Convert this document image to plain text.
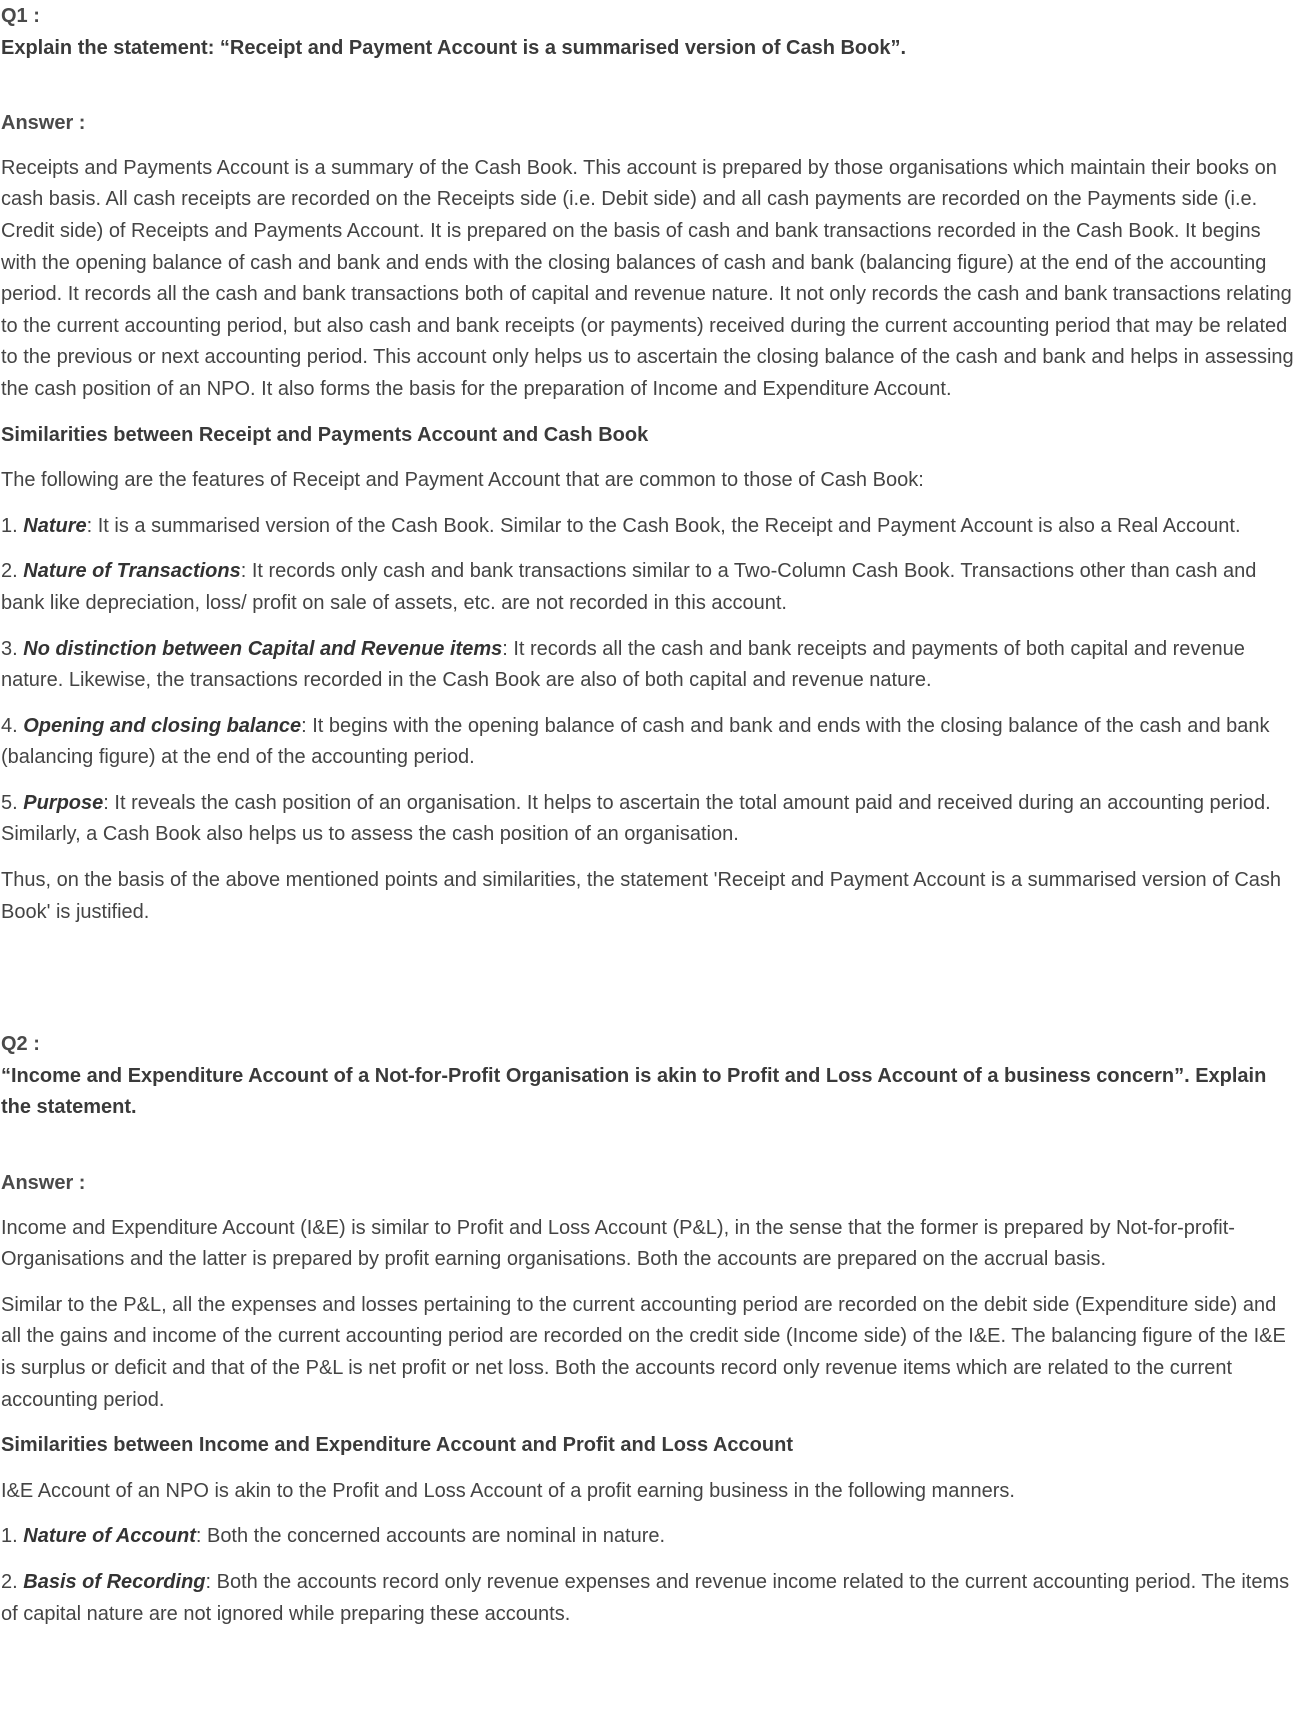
Q1 :
Explain the statement: “Receipt and Payment Account is a summarised version of Cash Book”.
Answer :

Receipts and Payments Account is a summary of the Cash Book. This account is prepared by those organisations which maintain their books on cash basis. All cash receipts are recorded on the Receipts side (i.e. Debit side) and all cash payments are recorded on the Payments side (i.e. Credit side) of Receipts and Payments Account. It is prepared on the basis of cash and bank transactions recorded in the Cash Book. It begins with the opening balance of cash and bank and ends with the closing balances of cash and bank (balancing figure) at the end of the accounting period. It records all the cash and bank transactions both of capital and revenue nature. It not only records the cash and bank transactions relating to the current accounting period, but also cash and bank receipts (or payments) received during the current accounting period that may be related to the previous or next accounting period. This account only helps us to ascertain the closing balance of the cash and bank and helps in assessing the cash position of an NPO. It also forms the basis for the preparation of Income and Expenditure Account.

Similarities between Receipt and Payments Account and Cash Book

The following are the features of Receipt and Payment Account that are common to those of Cash Book:

1. Nature: It is a summarised version of the Cash Book. Similar to the Cash Book, the Receipt and Payment Account is also a Real Account.

2. Nature of Transactions: It records only cash and bank transactions similar to a Two-Column Cash Book. Transactions other than cash and bank like depreciation, loss/ profit on sale of assets, etc. are not recorded in this account.

3. No distinction between Capital and Revenue items: It records all the cash and bank receipts and payments of both capital and revenue nature. Likewise, the transactions recorded in the Cash Book are also of both capital and revenue nature.

4. Opening and closing balance: It begins with the opening balance of cash and bank and ends with the closing balance of the cash and bank (balancing figure) at the end of the accounting period.

5. Purpose: It reveals the cash position of an organisation. It helps to ascertain the total amount paid and received during an accounting period. Similarly, a Cash Book also helps us to assess the cash position of an organisation.

Thus, on the basis of the above mentioned points and similarities, the statement 'Receipt and Payment Account is a summarised version of Cash Book' is justified.

Q2 :
“Income and Expenditure Account of a Not-for-Profit Organisation is akin to Profit and Loss Account of a business concern”. Explain the statement.
Answer :

Income and Expenditure Account (I&E) is similar to Profit and Loss Account (P&L), in the sense that the former is prepared by Not-for-profit-Organisations and the latter is prepared by profit earning organisations. Both the accounts are prepared on the accrual basis.

Similar to the P&L, all the expenses and losses pertaining to the current accounting period are recorded on the debit side (Expenditure side) and all the gains and income of the current accounting period are recorded on the credit side (Income side) of the I&E. The balancing figure of the I&E is surplus or deficit and that of the P&L is net profit or net loss. Both the accounts record only revenue items which are related to the current accounting period.

Similarities between Income and Expenditure Account and Profit and Loss Account

I&E Account of an NPO is akin to the Profit and Loss Account of a profit earning business in the following manners.

1. Nature of Account: Both the concerned accounts are nominal in nature.

2. Basis of Recording: Both the accounts record only revenue expenses and revenue income related to the current accounting period. The items of capital nature are not ignored while preparing these accounts.
